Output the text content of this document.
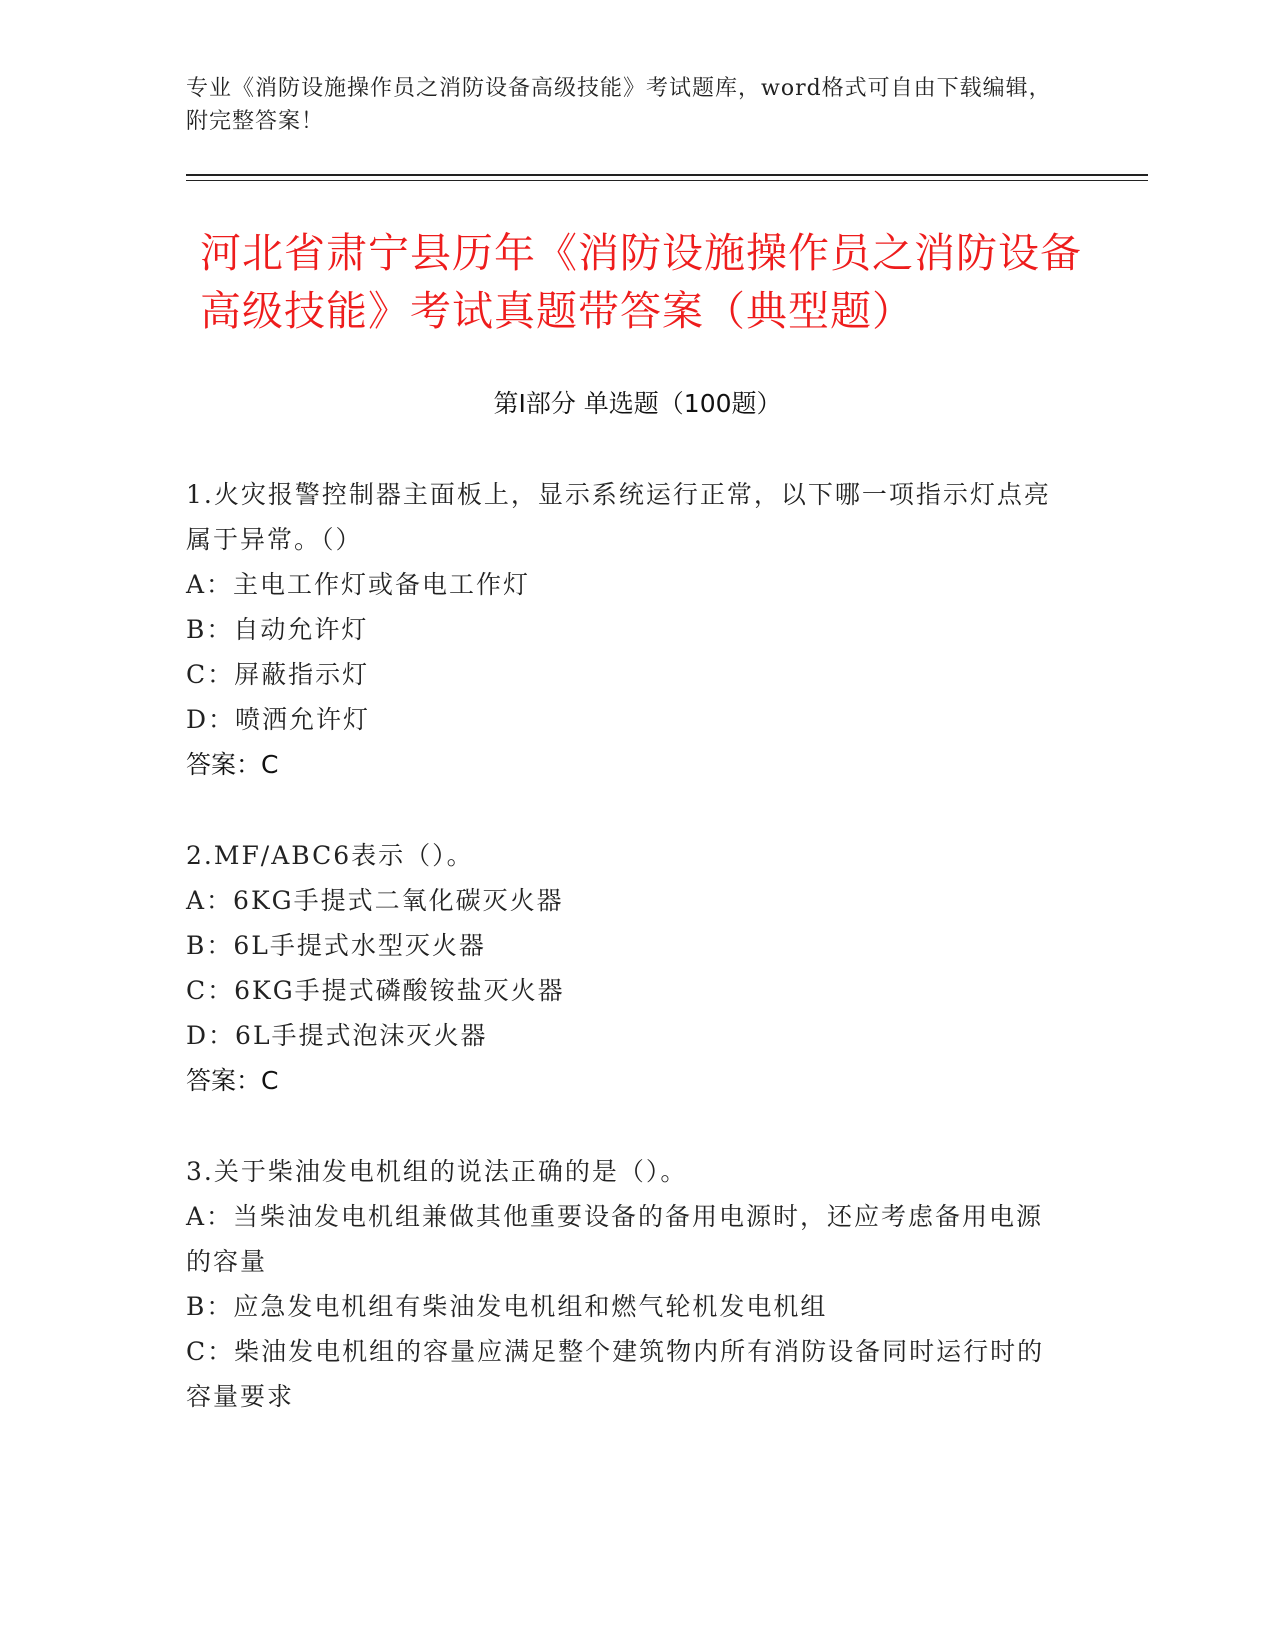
专业《消防设施操作员之消防设备高级技能》考试题库，word格式可自由下载编辑，附完整答案！
河北省肃宁县历年《消防设施操作员之消防设备高级技能》考试真题带答案（典型题）
第Ⅰ部分 单选题（100题）

1.火灾报警控制器主面板上，显示系统运行正常，以下哪一项指示灯点亮属于异常。（）

A：主电工作灯或备电工作灯

B：自动允许灯

C：屏蔽指示灯

D：喷洒允许灯

答案：C

2.MF/ABC6表示（）。

A：6KG手提式二氧化碳灭火器

B：6L手提式水型灭火器

C：6KG手提式磷酸铵盐灭火器

D：6L手提式泡沫灭火器

答案：C

3.关于柴油发电机组的说法正确的是（）。

A：当柴油发电机组兼做其他重要设备的备用电源时，还应考虑备用电源的容量

B：应急发电机组有柴油发电机组和燃气轮机发电机组

C：柴油发电机组的容量应满足整个建筑物内所有消防设备同时运行时的容量要求
